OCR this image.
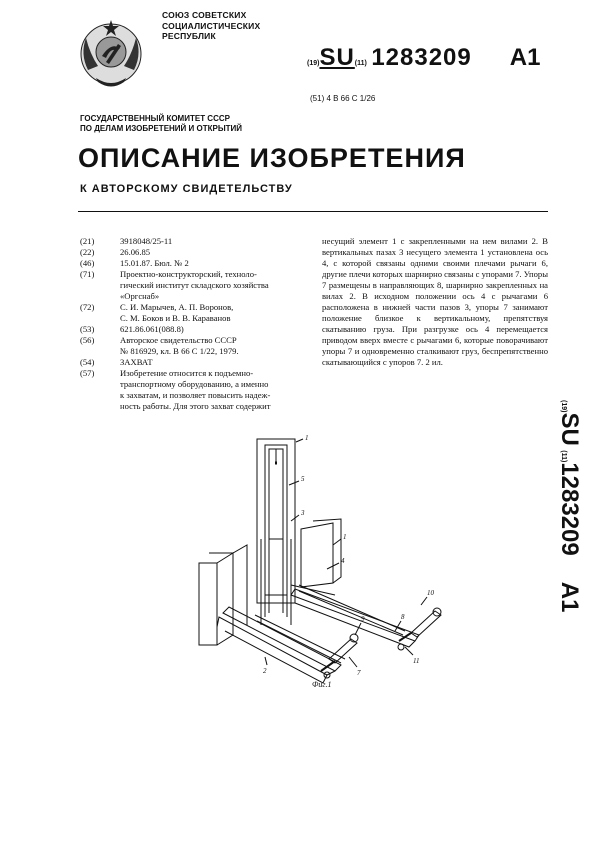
СОЮЗ СОВЕТСКИХ
СОЦИАЛИСТИЧЕСКИХ
РЕСПУБЛИК
(19)SU(11) 1283209 A1
(51) 4 B 66 C 1/26
ГОСУДАРСТВЕННЫЙ КОМИТЕТ СССР
ПО ДЕЛАМ ИЗОБРЕТЕНИЙ И ОТКРЫТИЙ
ОПИСАНИЕ ИЗОБРЕТЕНИЯ
К АВТОРСКОМУ СВИДЕТЕЛЬСТВУ
(21)	3918048/25-11
(22)	26.06.85
(46)	15.01.87. Бюл. № 2
(71)	Проектно-конструкторский, техноло-
гический институт складского хозяйства
«Оргснаб»
(72)	С. И. Марычев, А. П. Воронов,
С. М. Боков и В. В. Караванов
(53)	621.86.061(088.8)
(56)	Авторское свидетельство СССР
№ 816929, кл. В 66 С 1/22, 1979.
(54)	ЗАХВАТ
(57)	Изобретение относится к подъемно-
транспортному оборудованию, а именно
к захватам, и позволяет повысить надеж-
ность работы. Для этого захват содержит
несущий элемент 1 с закрепленными на нем вилами 2. В вертикальных пазах 3 несущего элемента 1 установлена ось 4, с которой связаны одними своими плечами рычаги 6, другие плечи которых шарнирно связаны с упорами 7. Упоры 7 размещены в направляющих 8, шарнирно закрепленных на вилах 2. В исходном положении ось 4 с рычагами 6 расположена в нижней части пазов 3, упоры 7 занимают положение близкое к вертикальному, препятствуя скатыванию груза. При разгрузке ось 4 перемещается приводом вверх вместе с рычагами 6, которые поворачивают упоры 7 и одновременно сталкивают груз, беспрепятственно скатывающийся с упоров 7. 2 ил.
(19)SU (11)1283209A1
1
5
3
1
4
2
9	8
10
7
11
Фиг.1
